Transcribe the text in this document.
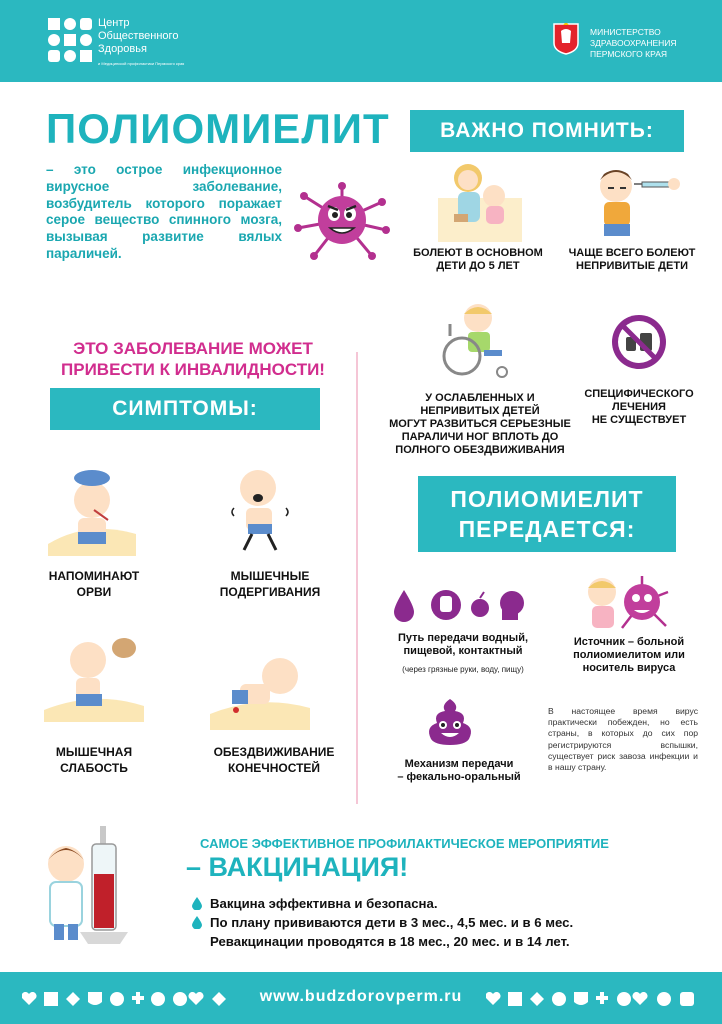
Центр
Общественного
Здоровья
и Медицинской профилактики Пермского края
МИНИСТЕРСТВО
ЗДРАВООХРАНЕНИЯ
ПЕРМСКОГО КРАЯ
ПОЛИОМИЕЛИТ
– это острое инфекционное вирусное заболевание, возбудитель которого поражает серое вещество спинного мозга, вызывая развитие вялых параличей.
ВАЖНО ПОМНИТЬ:
БОЛЕЮТ В ОСНОВНОМ
ДЕТИ ДО 5 ЛЕТ
ЧАЩЕ ВСЕГО БОЛЕЮТ
НЕПРИВИТЫЕ ДЕТИ
У ОСЛАБЛЕННЫХ И
НЕПРИВИТЫХ ДЕТЕЙ
МОГУТ РАЗВИТЬСЯ СЕРЬЕЗНЫЕ
ПАРАЛИЧИ НОГ ВПЛОТЬ ДО
ПОЛНОГО ОБЕЗДВИЖИВАНИЯ
СПЕЦИФИЧЕСКОГО
ЛЕЧЕНИЯ
НЕ СУЩЕСТВУЕТ
ЭТО ЗАБОЛЕВАНИЕ МОЖЕТ
ПРИВЕСТИ К ИНВАЛИДНОСТИ!
СИМПТОМЫ:
НАПОМИНАЮТ
ОРВИ
МЫШЕЧНЫЕ
ПОДЕРГИВАНИЯ
МЫШЕЧНАЯ
СЛАБОСТЬ
ОБЕЗДВИЖИВАНИЕ
КОНЕЧНОСТЕЙ
ПОЛИОМИЕЛИТ
ПЕРЕДАЕТСЯ:
Путь передачи водный,
пищевой, контактный
(через грязные руки, воду, пищу)
Источник – больной
полиомиелитом или
носитель вируса
Механизм передачи
– фекально-оральный
В настоящее время вирус практически побежден, но есть страны, в которых до сих пор регистрируются вспышки, существует риск завоза инфекции и в нашу страну.
САМОЕ ЭФФЕКТИВНОЕ ПРОФИЛАКТИЧЕСКОЕ МЕРОПРИЯТИЕ
– ВАКЦИНАЦИЯ!
Вакцина эффективна и безопасна.
По плану прививаются дети в 3 мес., 4,5 мес. и в 6 мес.
Ревакцинации проводятся в 18 мес., 20 мес. и в 14 лет.
www.budzdorovperm.ru
